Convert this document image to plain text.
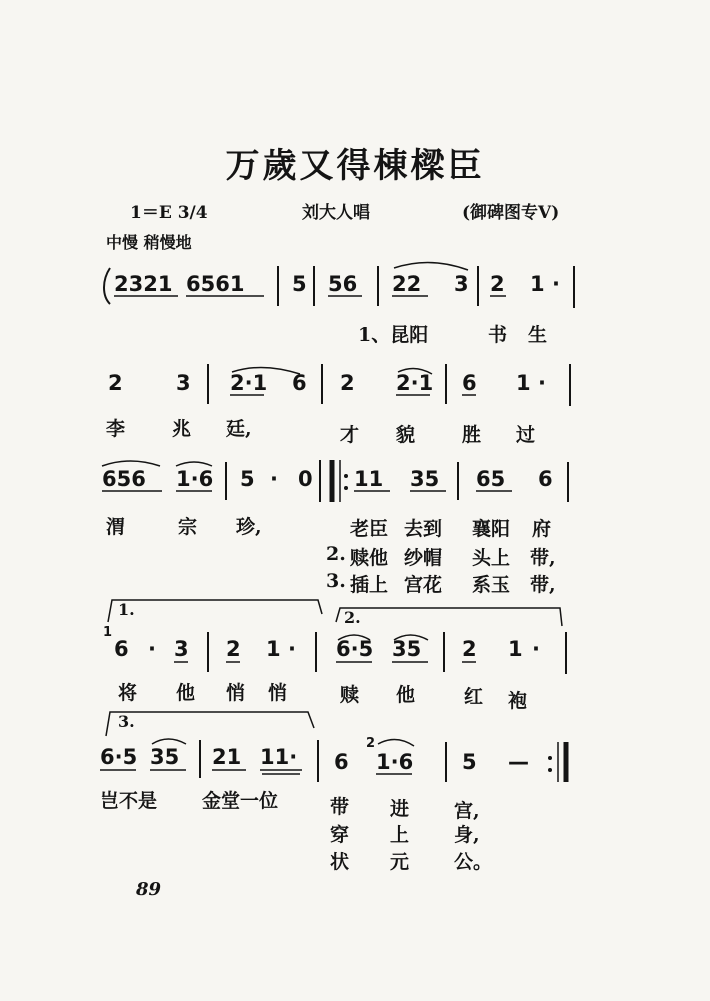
万歲又得棟樑臣
1＝E 3/4	刘大人唱	(御碑图专Ⅴ)
中慢 稍慢地
2321 6561 5 56 22 3 2 1 ·
1、昆阳	书 生
2	3 2·1 6 2 2·1 6 1 ·
李 兆 廷,	才 貌 胜 过
656 1·6 5 · 0 11 35 65 6
渭	宗 珍,	老臣 去到 襄阳 府
2. 赎他 纱帽 头上 带,
3. 插上 宫花 系玉 带,
1.	2.
1
6 · 3 2 1 · 6·5 35 2 1 ·
将 他 悄 悄	赎 他	红 袍
3.
6·5 35 21 11· 6
2
1·6 5 —
岂不是 金堂一位	带 进 宫,
穿 上 身,
状 元 公。
89
